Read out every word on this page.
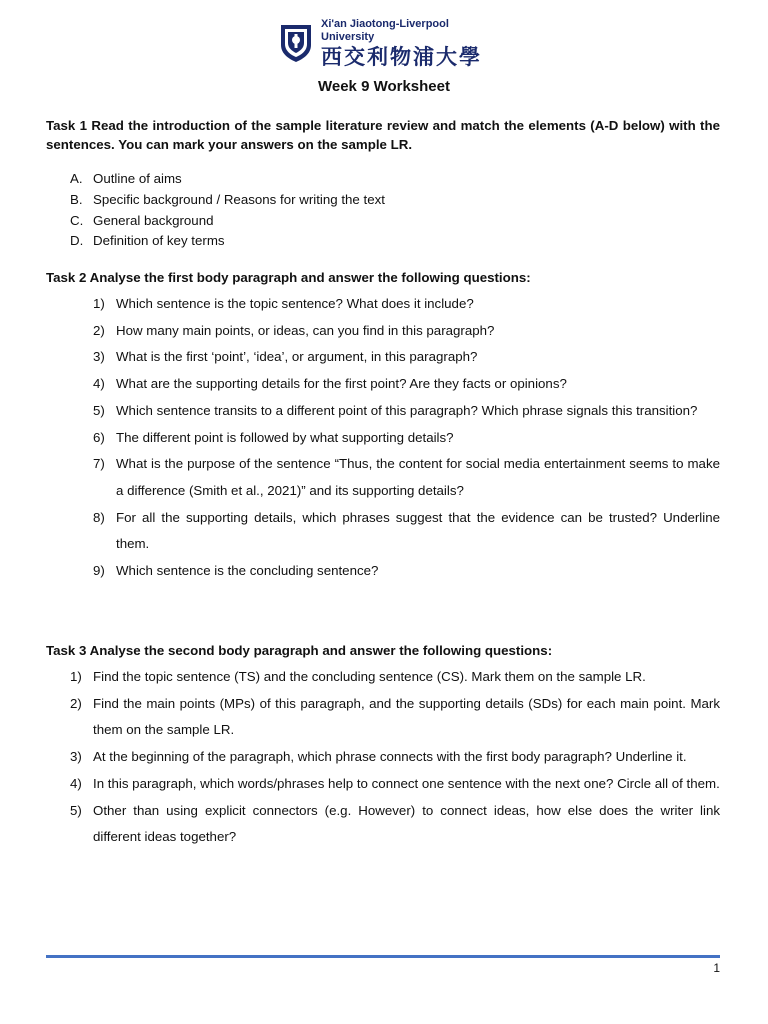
Xi'an Jiaotong-Liverpool University
西交利物浦大學
Week 9 Worksheet
Task 1 Read the introduction of the sample literature review and match the elements (A-D below) with the sentences. You can mark your answers on the sample LR.
A. Outline of aims
B. Specific background / Reasons for writing the text
C. General background
D. Definition of key terms
Task 2 Analyse the first body paragraph and answer the following questions:
1) Which sentence is the topic sentence? What does it include?
2) How many main points, or ideas, can you find in this paragraph?
3) What is the first ‘point’, ‘idea’, or argument, in this paragraph?
4) What are the supporting details for the first point? Are they facts or opinions?
5) Which sentence transits to a different point of this paragraph? Which phrase signals this transition?
6) The different point is followed by what supporting details?
7) What is the purpose of the sentence “Thus, the content for social media entertainment seems to make a difference (Smith et al., 2021)” and its supporting details?
8) For all the supporting details, which phrases suggest that the evidence can be trusted? Underline them.
9) Which sentence is the concluding sentence?
Task 3 Analyse the second body paragraph and answer the following questions:
1) Find the topic sentence (TS) and the concluding sentence (CS). Mark them on the sample LR.
2) Find the main points (MPs) of this paragraph, and the supporting details (SDs) for each main point. Mark them on the sample LR.
3) At the beginning of the paragraph, which phrase connects with the first body paragraph? Underline it.
4) In this paragraph, which words/phrases help to connect one sentence with the next one? Circle all of them.
5) Other than using explicit connectors (e.g. However) to connect ideas, how else does the writer link different ideas together?
1
